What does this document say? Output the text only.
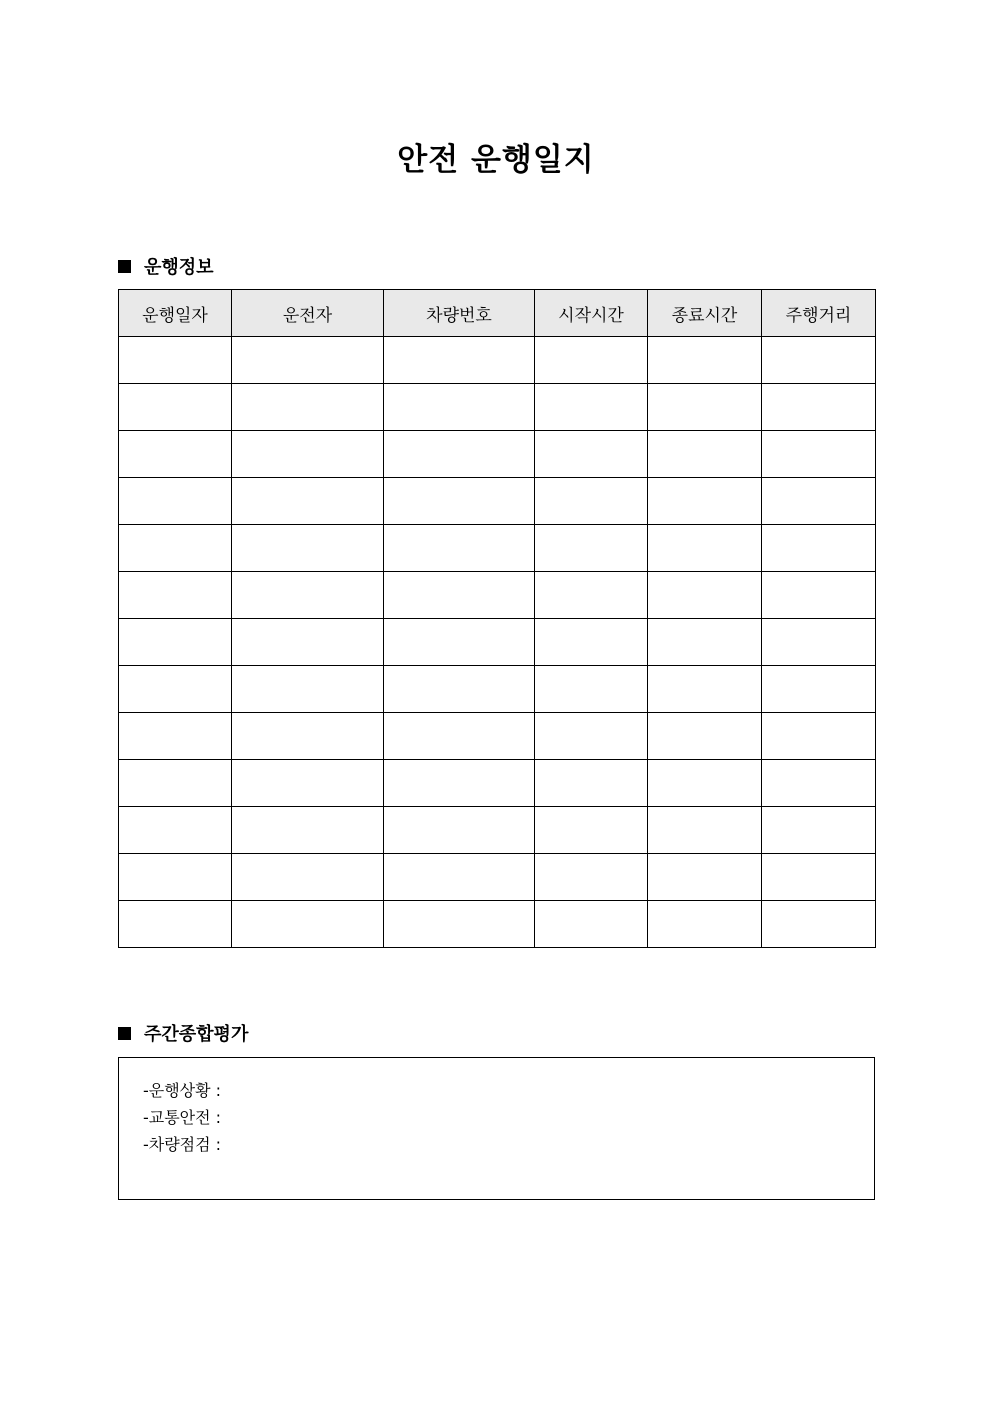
안전 운행일지
운행정보
운행일자	운전자	차량번호	시작시간	종료시간	주행거리

주간종합평가
-운행상황 :
-교통안전 :
-차량점검 :
